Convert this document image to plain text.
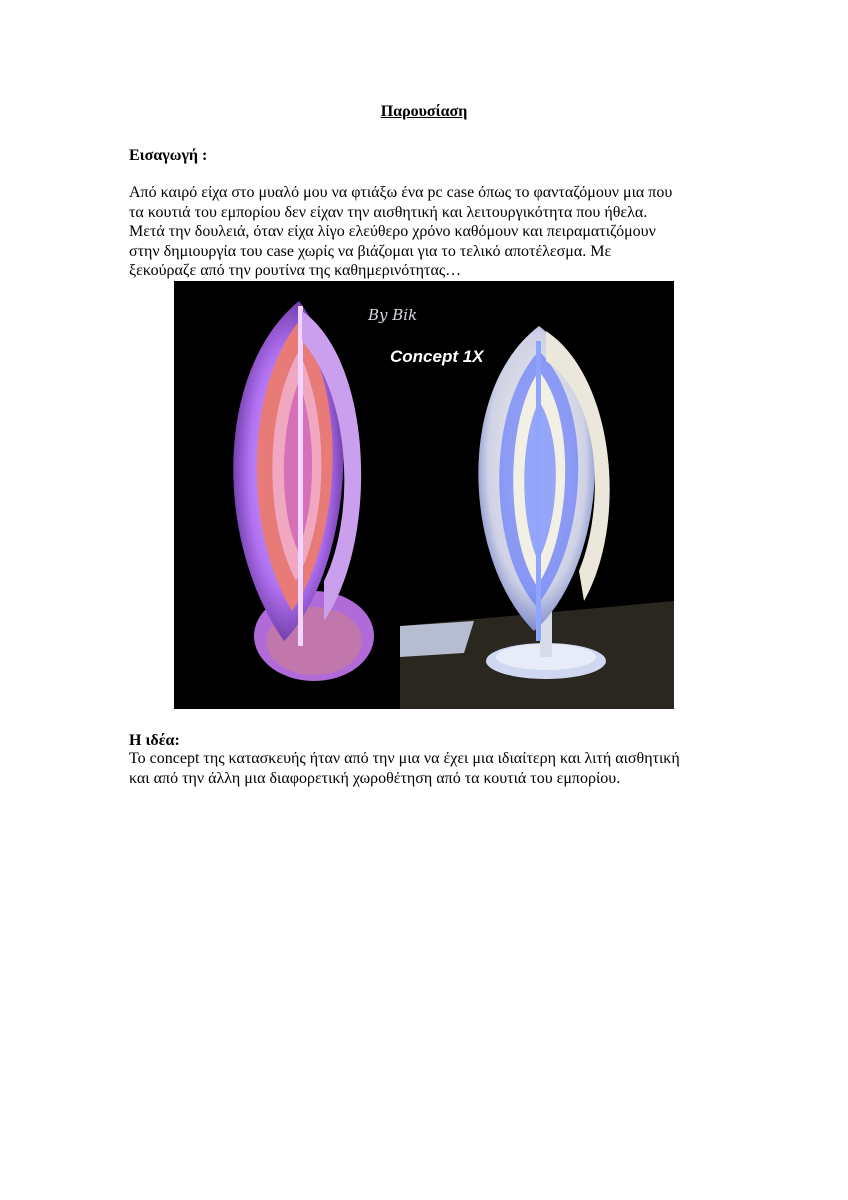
Παρουσίαση
Εισαγωγή :
Από καιρό είχα στο μυαλό μου να φτιάξω ένα pc case όπως το φανταζόμουν μια που
τα κουτιά του εμπορίου δεν είχαν την αισθητική και λειτουργικότητα που ήθελα.
Μετά την δουλειά, όταν είχα λίγο ελεύθερο χρόνο καθόμουν και πειραματιζόμουν
στην δημιουργία του case χωρίς να βιάζομαι για το τελικό αποτέλεσμα. Με
ξεκούραζε από την ρουτίνα της καθημερινότητας…
By Bik
Concept 1X
Η ιδέα:
Το concept της κατασκευής ήταν από την μια να έχει μια ιδιαίτερη και λιτή αισθητική
και από την άλλη μια διαφορετική χωροθέτηση από τα κουτιά του εμπορίου.
